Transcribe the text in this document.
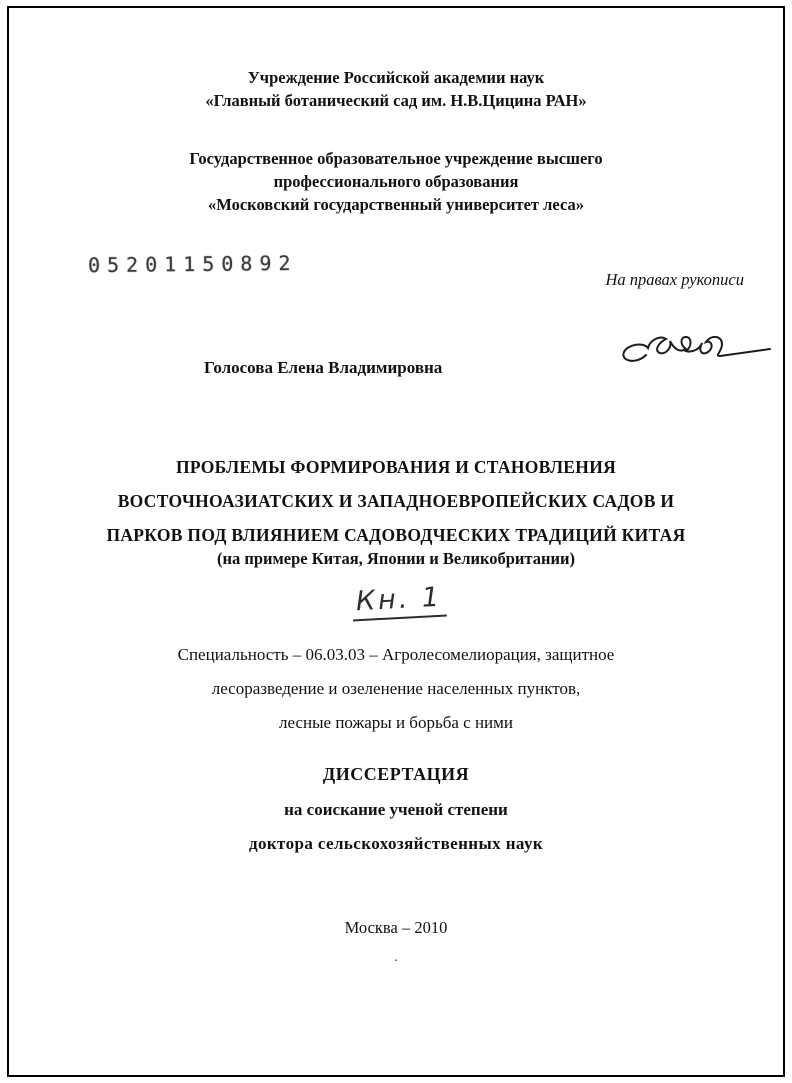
Учреждение Российской академии наук
«Главный ботанический сад им. Н.В.Цицина РАН»
Государственное образовательное учреждение высшего
профессионального образования
«Московский государственный университет леса»
05201150892
На правах рукописи
Голосова Елена Владимировна
ПРОБЛЕМЫ ФОРМИРОВАНИЯ И СТАНОВЛЕНИЯ
ВОСТОЧНОАЗИАТСКИХ И ЗАПАДНОЕВРОПЕЙСКИХ САДОВ И
ПАРКОВ ПОД ВЛИЯНИЕМ САДОВОДЧЕСКИХ ТРАДИЦИЙ КИТАЯ
(на примере Китая, Японии и Великобритании)
Кн. 1
Специальность – 06.03.03 – Агролесомелиорация, защитное
лесоразведение и озеленение населенных пунктов,
лесные пожары и борьба с ними
ДИССЕРТАЦИЯ
на соискание ученой степени
доктора сельскохозяйственных наук
Москва – 2010
.
